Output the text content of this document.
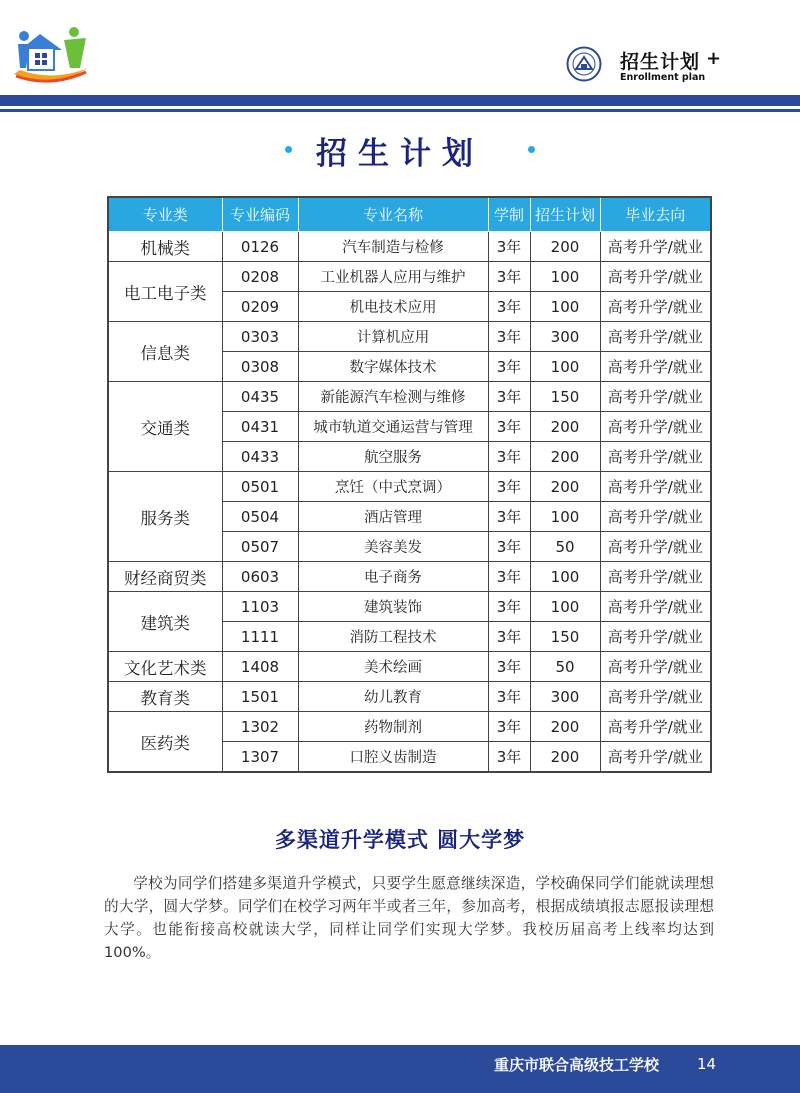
招生计划 +
Enrollment plan
招生计划
专业类	专业编码	专业名称	学制	招生计划	毕业去向
机械类	0126	汽车制造与检修	3年	200	高考升学/就业
电工电子类	0208	工业机器人应用与维护	3年	100	高考升学/就业
	0209	机电技术应用	3年	100	高考升学/就业
信息类	0303	计算机应用	3年	300	高考升学/就业
	0308	数字媒体技术	3年	100	高考升学/就业
交通类	0435	新能源汽车检测与维修	3年	150	高考升学/就业
	0431	城市轨道交通运营与管理	3年	200	高考升学/就业
	0433	航空服务	3年	200	高考升学/就业
服务类	0501	烹饪（中式烹调）	3年	200	高考升学/就业
	0504	酒店管理	3年	100	高考升学/就业
	0507	美容美发	3年	50	高考升学/就业
财经商贸类	0603	电子商务	3年	100	高考升学/就业
建筑类	1103	建筑装饰	3年	100	高考升学/就业
	1111	消防工程技术	3年	150	高考升学/就业
文化艺术类	1408	美术绘画	3年	50	高考升学/就业
教育类	1501	幼儿教育	3年	300	高考升学/就业
医药类	1302	药物制剂	3年	200	高考升学/就业
	1307	口腔义齿制造	3年	200	高考升学/就业
多渠道升学模式 圆大学梦
学校为同学们搭建多渠道升学模式，只要学生愿意继续深造，学校确保同学们能就读理想的大学，圆大学梦。同学们在校学习两年半或者三年，参加高考，根据成绩填报志愿报读理想大学。也能衔接高校就读大学，同样让同学们实现大学梦。我校历届高考上线率均达到100%。
重庆市联合高级技工学校	14
